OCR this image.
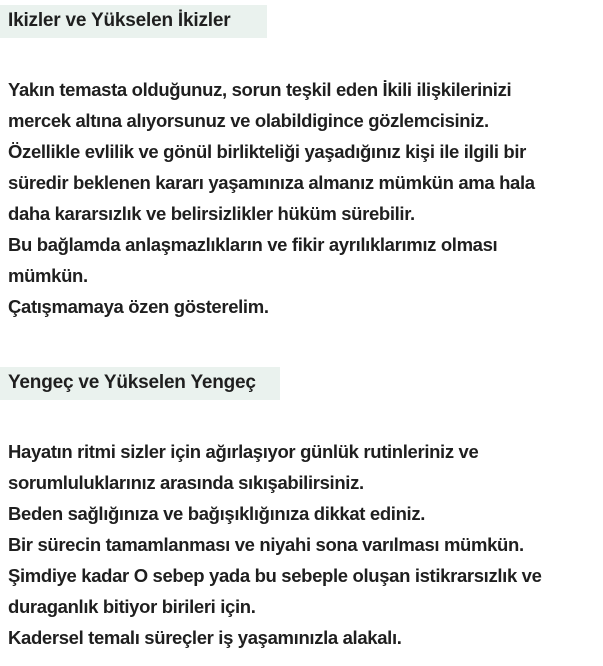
Ikizler ve Yükselen İkizler
Yakın temasta olduğunuz, sorun teşkil eden İkili ilişkilerinizi
mercek altına alıyorsunuz ve olabildigince gözlemcisiniz.
Özellikle evlilik ve gönül birlikteliği yaşadığınız kişi ile ilgili bir
süredir beklenen kararı yaşamınıza almanız mümkün ama hala
daha kararsızlık ve belirsizlikler hüküm sürebilir.
Bu bağlamda anlaşmazlıkların ve fikir ayrılıklarımız olması
mümkün.
Çatışmamaya özen gösterelim.
Yengeç ve Yükselen Yengeç
Hayatın ritmi sizler için ağırlaşıyor günlük rutinleriniz ve
sorumluluklarınız arasında sıkışabilirsiniz.
Beden sağlığınıza ve bağışıklığınıza dikkat ediniz.
Bir sürecin tamamlanması ve niyahi sona varılması mümkün.
Şimdiye kadar O sebep yada bu sebeple oluşan istikrarsızlık ve
duraganlık bitiyor birileri için.
Kadersel temalı süreçler iş yaşamınızla alakalı.
